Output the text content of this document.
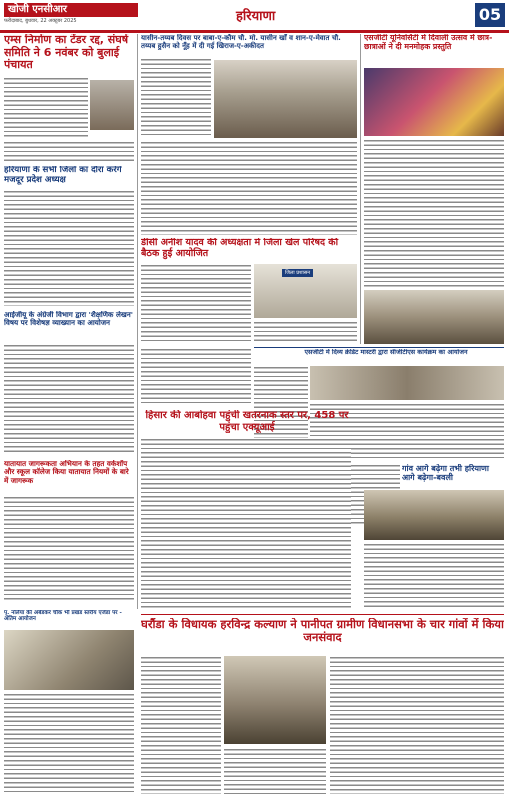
खोजी एनसीआर
फरीदाबाद, बुधवार, 22 अक्टूबर 2025	हरियाणा	05
एम्स निर्माण का टेंडर रद्द, संघर्ष समिति ने 6 नवंबर को बुलाई पंचायत
हरियाणा के सभी जिलों का दौरा करेंगे मजदूर प्रदेश अध्यक्ष
आईजीयू के अंग्रेजी विभाग द्वारा 'शैक्षणिक लेखन' विषय पर विशेषज्ञ व्याख्यान का आयोजन
यातायात जागरूकता अभियान के तहत वर्कशॉप और स्कूल कॉलेज किया यातायात नियमों के बारे में जागरूक
पृ. नलिया की अंबेडकर चौक भी प्रखंड स्तरीय एजेंडा पर - अंतिम आयोजन
यासीन-तय्यब दिवस पर बाबा-ए-कौम चौ. मो. यासीन खाँ व शान-ए-मेवात चौ. तय्यब हुसैन को नूँह में दी गई खिराज-ए-अकीदत
डीसी अनीश यादव की अध्यक्षता में जिला खेल परिषद की बैठक हुई आयोजित
जिला प्रशासन
एसजीटी यूनिवर्सिटी में दिवाली उत्सव में छात्र-छात्राओं ने दी मनमोहक प्रस्तुति
एसजीटी में दिव्य क्रेडिट मास्टरी द्वारा सीजीटीएस कार्यक्रम का आयोजन
गांव आगे बढ़ेगा तभी हरियाणा आगे बढ़ेगा-बवली
हिसार की आबोहवा पहुंची खतरनाक स्तर पर, 458 पर पहुंचा एक्यूआई
घरौंडा के विधायक हरविन्द्र कल्याण ने पानीपत ग्रामीण विधानसभा के चार गांवों में किया जनसंवाद
